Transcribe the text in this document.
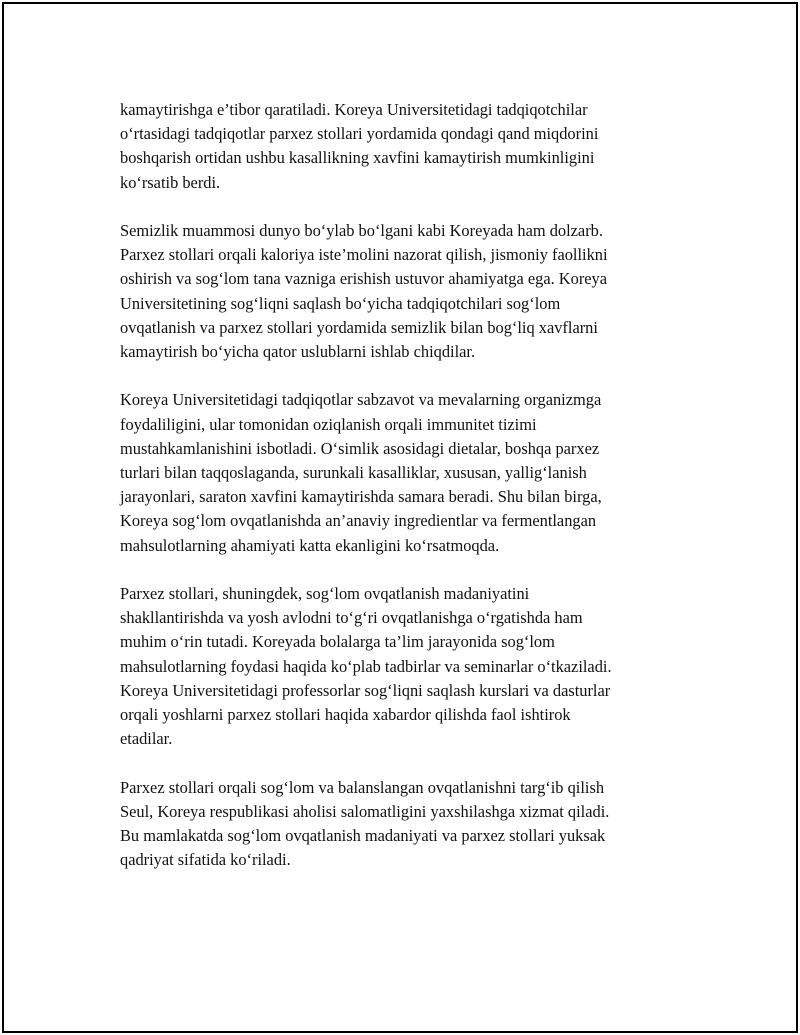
kamaytirishga e’tibor qaratiladi. Koreya Universitetidagi tadqiqotchilar
o‘rtasidagi tadqiqotlar parxez stollari yordamida qondagi qand miqdorini
boshqarish ortidan ushbu kasallikning xavfini kamaytirish mumkinligini
ko‘rsatib berdi.

Semizlik muammosi dunyo bo‘ylab bo‘lgani kabi Koreyada ham dolzarb.
Parxez stollari orqali kaloriya iste’molini nazorat qilish, jismoniy faollikni
oshirish va sog‘lom tana vazniga erishish ustuvor ahamiyatga ega. Koreya
Universitetining sog‘liqni saqlash bo‘yicha tadqiqotchilari sog‘lom
ovqatlanish va parxez stollari yordamida semizlik bilan bog‘liq xavflarni
kamaytirish bo‘yicha qator uslublarni ishlab chiqdilar.

Koreya Universitetidagi tadqiqotlar sabzavot va mevalarning organizmga
foydaliligini, ular tomonidan oziqlanish orqali immunitet tizimi
mustahkamlanishini isbotladi. O‘simlik asosidagi dietalar, boshqa parxez
turlari bilan taqqoslaganda, surunkali kasalliklar, xususan, yallig‘lanish
jarayonlari, saraton xavfini kamaytirishda samara beradi. Shu bilan birga,
Koreya sog‘lom ovqatlanishda an’anaviy ingredientlar va fermentlangan
mahsulotlarning ahamiyati katta ekanligini ko‘rsatmoqda.

Parxez stollari, shuningdek, sog‘lom ovqatlanish madaniyatini
shakllantirishda va yosh avlodni to‘g‘ri ovqatlanishga o‘rgatishda ham
muhim o‘rin tutadi. Koreyada bolalarga ta’lim jarayonida sog‘lom
mahsulotlarning foydasi haqida ko‘plab tadbirlar va seminarlar o‘tkaziladi.
Koreya Universitetidagi professorlar sog‘liqni saqlash kurslari va dasturlar
orqali yoshlarni parxez stollari haqida xabardor qilishda faol ishtirok
etadilar.

Parxez stollari orqali sog‘lom va balanslangan ovqatlanishni targ‘ib qilish
Seul, Koreya respublikasi aholisi salomatligini yaxshilashga xizmat qiladi.
Bu mamlakatda sog‘lom ovqatlanish madaniyati va parxez stollari yuksak
qadriyat sifatida ko‘riladi.
